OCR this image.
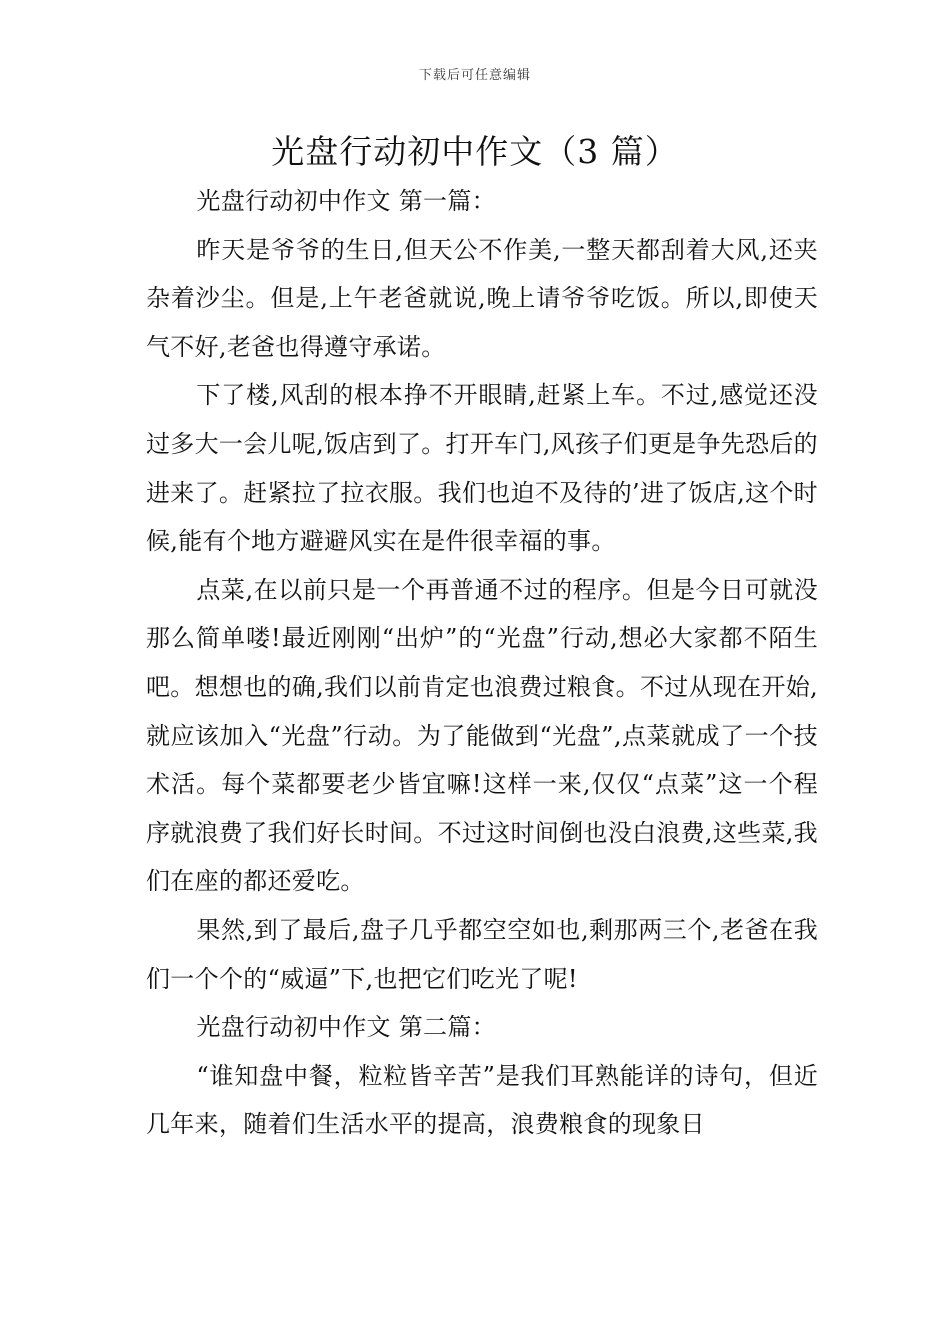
下载后可任意编辑
光盘行动初中作文（3 篇）

光盘行动初中作文 第一篇：

昨天是爷爷的生日,但天公不作美,一整天都刮着大风,还夹杂着沙尘。但是,上午老爸就说,晚上请爷爷吃饭。所以,即使天气不好,老爸也得遵守承诺。

下了楼,风刮的根本挣不开眼睛,赶紧上车。不过,感觉还没过多大一会儿呢,饭店到了。打开车门,风孩子们更是争先恐后的进来了。赶紧拉了拉衣服。我们也迫不及待的’进了饭店,这个时候,能有个地方避避风实在是件很幸福的事。

点菜,在以前只是一个再普通不过的程序。但是今日可就没那么简单喽!最近刚刚“出炉”的“光盘”行动,想必大家都不陌生吧。想想也的确,我们以前肯定也浪费过粮食。不过从现在开始,就应该加入“光盘”行动。为了能做到“光盘”,点菜就成了一个技术活。每个菜都要老少皆宜嘛!这样一来,仅仅“点菜”这一个程序就浪费了我们好长时间。不过这时间倒也没白浪费,这些菜,我们在座的都还爱吃。

果然,到了最后,盘子几乎都空空如也,剩那两三个,老爸在我们一个个的“威逼”下,也把它们吃光了呢!

光盘行动初中作文 第二篇：

“谁知盘中餐，粒粒皆辛苦”是我们耳熟能详的诗句，但近几年来，随着们生活水平的提高，浪费粮食的现象日
